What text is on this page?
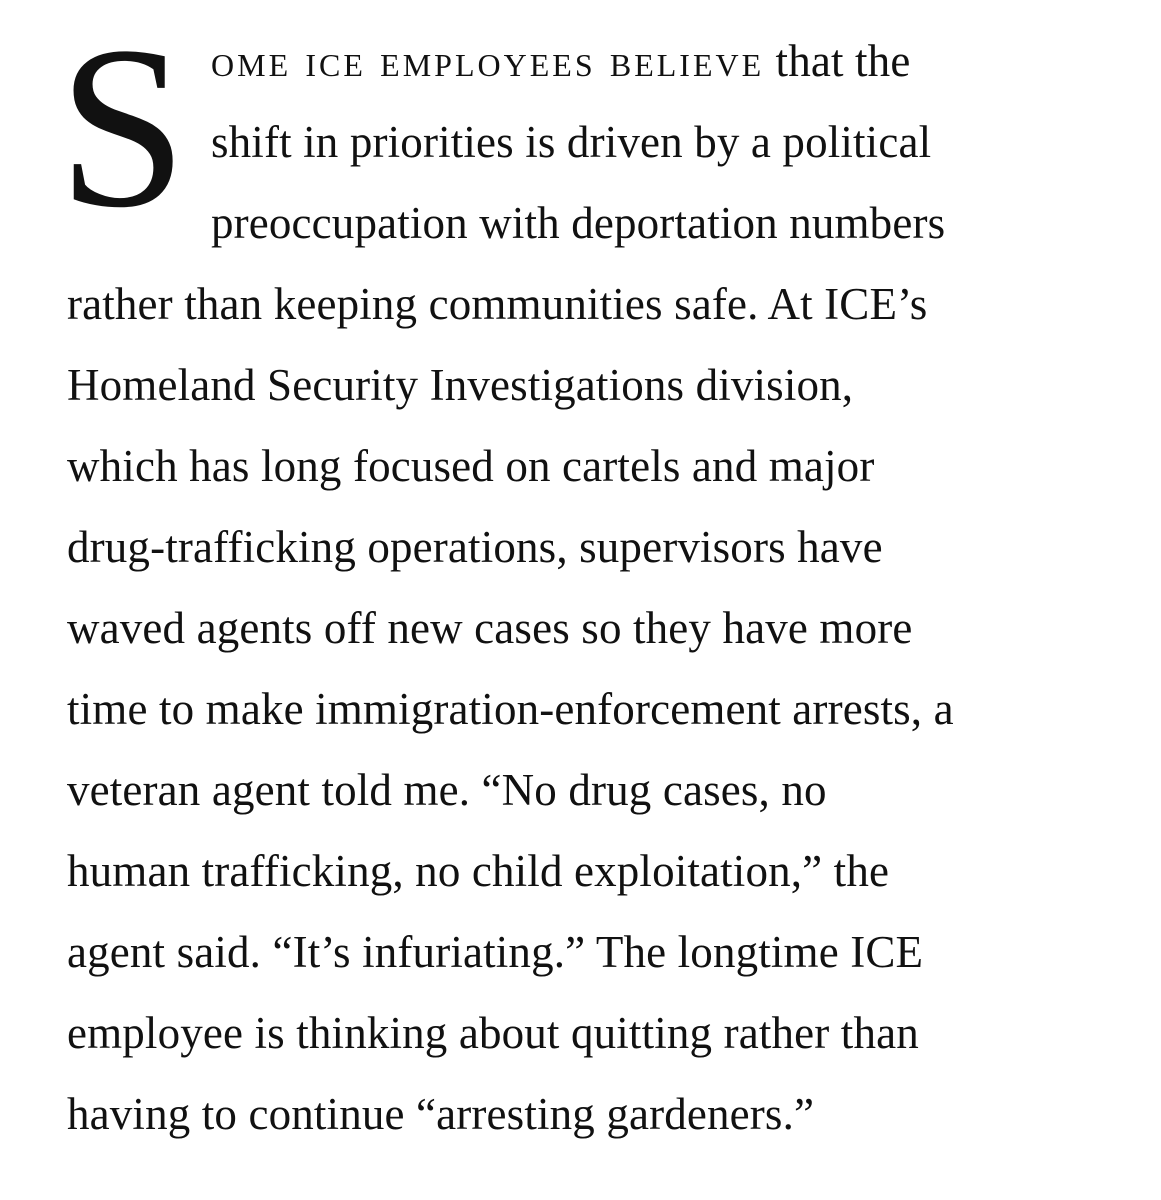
S ome ice employees believe that the
shift in priorities is driven by a political
preoccupation with deportation numbers
rather than keeping communities safe. At ICE’s
Homeland Security Investigations division,
which has long focused on cartels and major
drug-trafficking operations, supervisors have
waved agents off new cases so they have more
time to make immigration-enforcement arrests, a
veteran agent told me. “No drug cases, no
human trafficking, no child exploitation,” the
agent said. “It’s infuriating.” The longtime ICE
employee is thinking about quitting rather than
having to continue “arresting gardeners.”
